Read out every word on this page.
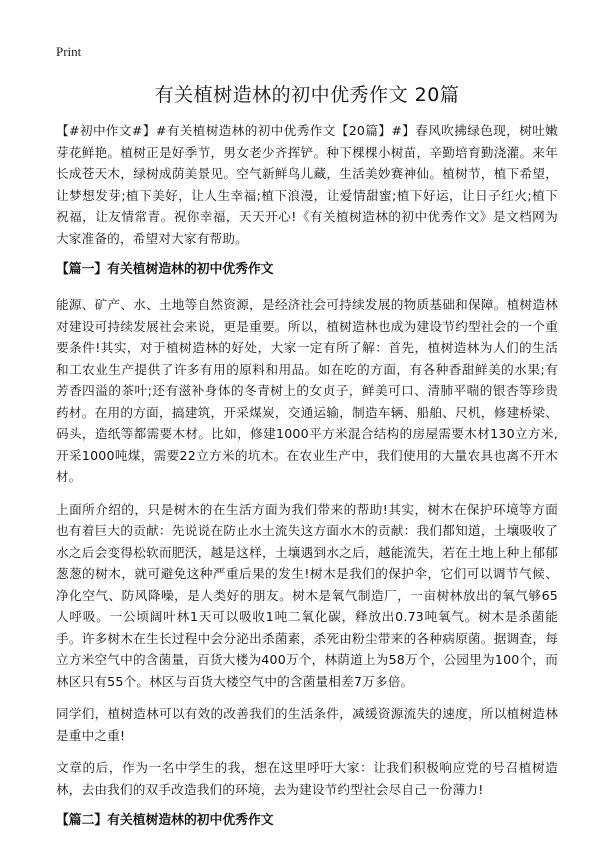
Print
有关植树造林的初中优秀作文 20篇

【#初中作文#】#有关植树造林的初中优秀作文【20篇】#】春风吹拂绿色现，树吐嫩芽花鲜艳。植树正是好季节，男女老少齐挥铲。种下棵棵小树苗，辛勤培育勤浇灌。来年长成苍天木，绿树成荫美景见。空气新鲜鸟儿藏，生活美妙赛神仙。植树节，植下希望，让梦想发芽;植下美好，让人生幸福;植下浪漫，让爱情甜蜜;植下好运，让日子红火;植下祝福，让友情常青。祝你幸福，天天开心!《有关植树造林的初中优秀作文》是文档网为大家准备的，希望对大家有帮助。

【篇一】有关植树造林的初中优秀作文

能源、矿产、水、土地等自然资源，是经济社会可持续发展的物质基础和保障。植树造林对建设可持续发展社会来说，更是重要。所以，植树造林也成为建设节约型社会的一个重要条件!其实，对于植树造林的好处，大家一定有所了解：首先，植树造林为人们的生活和工农业生产提供了许多有用的原料和用品。如在吃的方面，有各种香甜鲜美的水果;有芳香四溢的茶叶;还有滋补身体的冬青树上的女贞子，鲜美可口、清肺平喘的银杏等珍贵药材。在用的方面，搞建筑，开采煤炭，交通运输，制造车辆、船舶、尺机，修建桥梁、码头，造纸等都需要木材。比如，修建1000平方米混合结构的房屋需要木材130立方米,开采1000吨煤，需要22立方米的坑木。在农业生产中，我们使用的大量农具也离不开木材。

上面所介绍的，只是树木的在生活方面为我们带来的帮助!其实，树木在保护环境等方面也有着巨大的贡献：先说说在防止水土流失这方面水木的贡献：我们都知道，土壤吸收了水之后会变得松软而肥沃，越是这样，土壤遇到水之后，越能流失，若在土地上种上郁郁葱葱的树木，就可避免这种严重后果的发生!树木是我们的保护伞，它们可以调节气候、净化空气、防风降噪，是人类好的朋友。树木是氧气制造厂，一亩树林放出的氧气够65人呼吸。一公顷阔叶林1天可以吸收1吨二氧化碳，释放出0.73吨氧气。树木是杀菌能手。许多树木在生长过程中会分泌出杀菌素，杀死由粉尘带来的各种病原菌。据调查，每立方米空气中的含菌量，百货大楼为400万个，林荫道上为58万个，公园里为100个，而林区只有55个。林区与百货大楼空气中的含菌量相差7万多倍。

同学们，植树造林可以有效的改善我们的生活条件，减缓资源流失的速度，所以植树造林是重中之重!

文章的后，作为一名中学生的我，想在这里呼吁大家：让我们积极响应党的号召植树造林，去由我们的双手改造我们的环境，去为建设节约型社会尽自己一份薄力!

【篇二】有关植树造林的初中优秀作文
